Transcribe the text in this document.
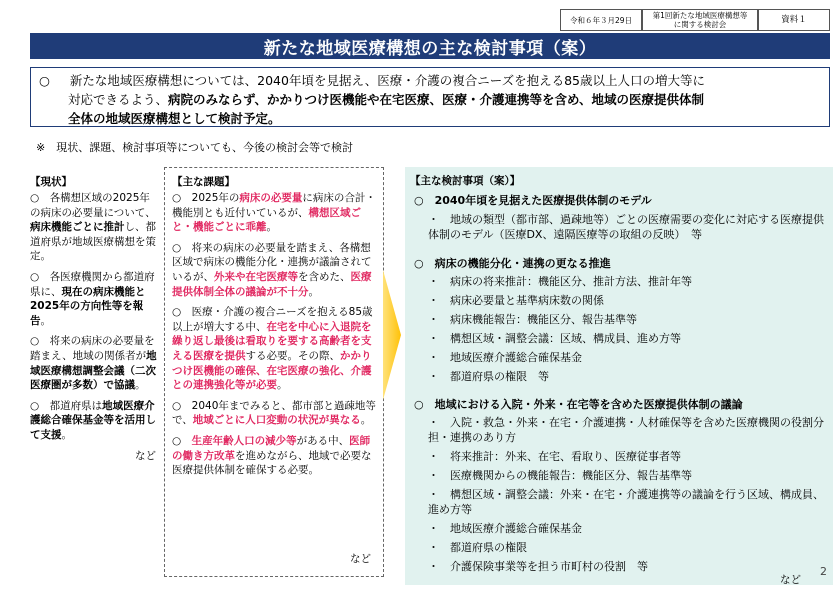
令和６年３月29日	第1回新たな地域医療構想等
に関する検討会	資料１
新たな地域医療構想の主な検討事項（案）
○ 新たな地域医療構想については、2040年頃を見据え、医療・介護の複合ニーズを抱える85歳以上人口の増大等に
対応できるよう、病院のみならず、かかりつけ医機能や在宅医療、医療・介護連携等を含め、地域の医療提供体制
全体の地域医療構想として検討予定。
※　現状、課題、検討事項等についても、今後の検討会等で検討
【現状】
○　各構想区域の2025年の病床の必要量について、病床機能ごとに推計し、都道府県が地域医療構想を策定。
○　各医療機関から都道府県に、現在の病床機能と2025年の方向性等を報告。
○　将来の病床の必要量を踏まえ、地域の関係者が地域医療構想調整会議（二次医療圏が多数）で協議。
○　都道府県は地域医療介護総合確保基金等を活用して支援。
など
【主な課題】
○　2025年の病床の必要量に病床の合計・機能別とも近付いているが、構想区域ごと・機能ごとに乖離。
○　将来の病床の必要量を踏まえ、各構想区域で病床の機能分化・連携が議論されているが、外来や在宅医療等を含めた、医療提供体制全体の議論が不十分。
○　医療・介護の複合ニーズを抱える85歳以上が増大する中、在宅を中心に入退院を繰り返し最後は看取りを要する高齢者を支える医療を提供する必要。その際、かかりつけ医機能の確保、在宅医療の強化、介護との連携強化等が必要。
○　2040年までみると、都市部と過疎地等で、地域ごとに人口変動の状況が異なる。
○　生産年齢人口の減少等がある中、医師の働き方改革を進めながら、地域で必要な医療提供体制を確保する必要。
など
【主な検討事項（案）】
○　2040年頃を見据えた医療提供体制のモデル
・　地域の類型（都市部、過疎地等）ごとの医療需要の変化に対応する医療提供体制のモデル（医療DX、遠隔医療等の取組の反映）　等
○　病床の機能分化・連携の更なる推進
・　病床の将来推計：機能区分、推計方法、推計年等
・　病床必要量と基準病床数の関係
・　病床機能報告：機能区分、報告基準等
・　構想区域・調整会議：区域、構成員、進め方等
・　地域医療介護総合確保基金
・　都道府県の権限　等
○　地域における入院・外来・在宅等を含めた医療提供体制の議論
・　入院・救急・外来・在宅・介護連携・人材確保等を含めた医療機関の役割分担・連携のあり方
・　将来推計：外来、在宅、看取り、医療従事者等
・　医療機関からの機能報告：機能区分、報告基準等
・　構想区域・調整会議：外来・在宅・介護連携等の議論を行う区域、構成員、進め方等
・　地域医療介護総合確保基金
・　都道府県の権限
・　介護保険事業等を担う市町村の役割　等
など
2
